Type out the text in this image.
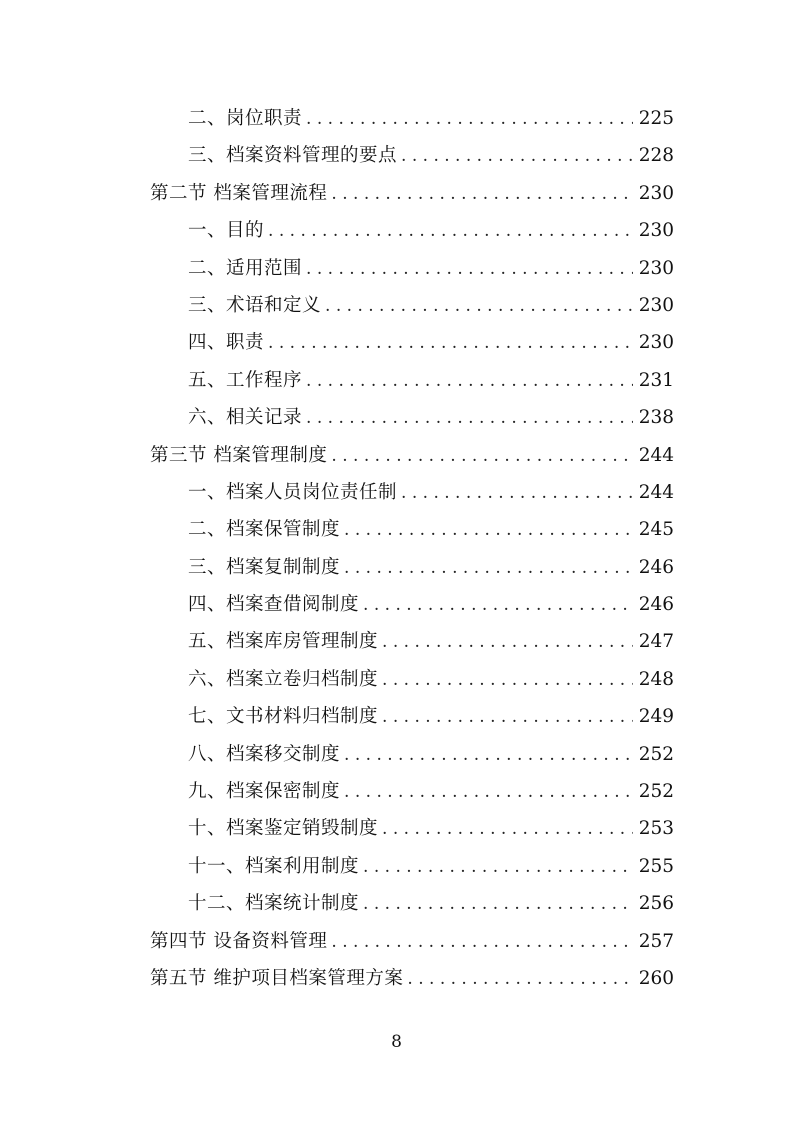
二、岗位职责 . . .	225
三、档案资料管理的要点 . . .	228
第二节 档案管理流程 . . .	230
一、目的 . . .	230
二、适用范围 . . .	230
三、术语和定义 . . .	230
四、职责 . . .	230
五、工作程序 . . .	231
六、相关记录 . . .	238
第三节 档案管理制度 . . .	244
一、档案人员岗位责任制 . . .	244
二、档案保管制度 . . .	245
三、档案复制制度 . . .	246
四、档案查借阅制度 . . .	246
五、档案库房管理制度 . . .	247
六、档案立卷归档制度 . . .	248
七、文书材料归档制度 . . .	249
八、档案移交制度 . . .	252
九、档案保密制度 . . .	252
十、档案鉴定销毁制度 . . .	253
十一、档案利用制度 . . .	255
十二、档案统计制度 . . .	256
第四节 设备资料管理 . . .	257
第五节 维护项目档案管理方案 . . .	260
8
